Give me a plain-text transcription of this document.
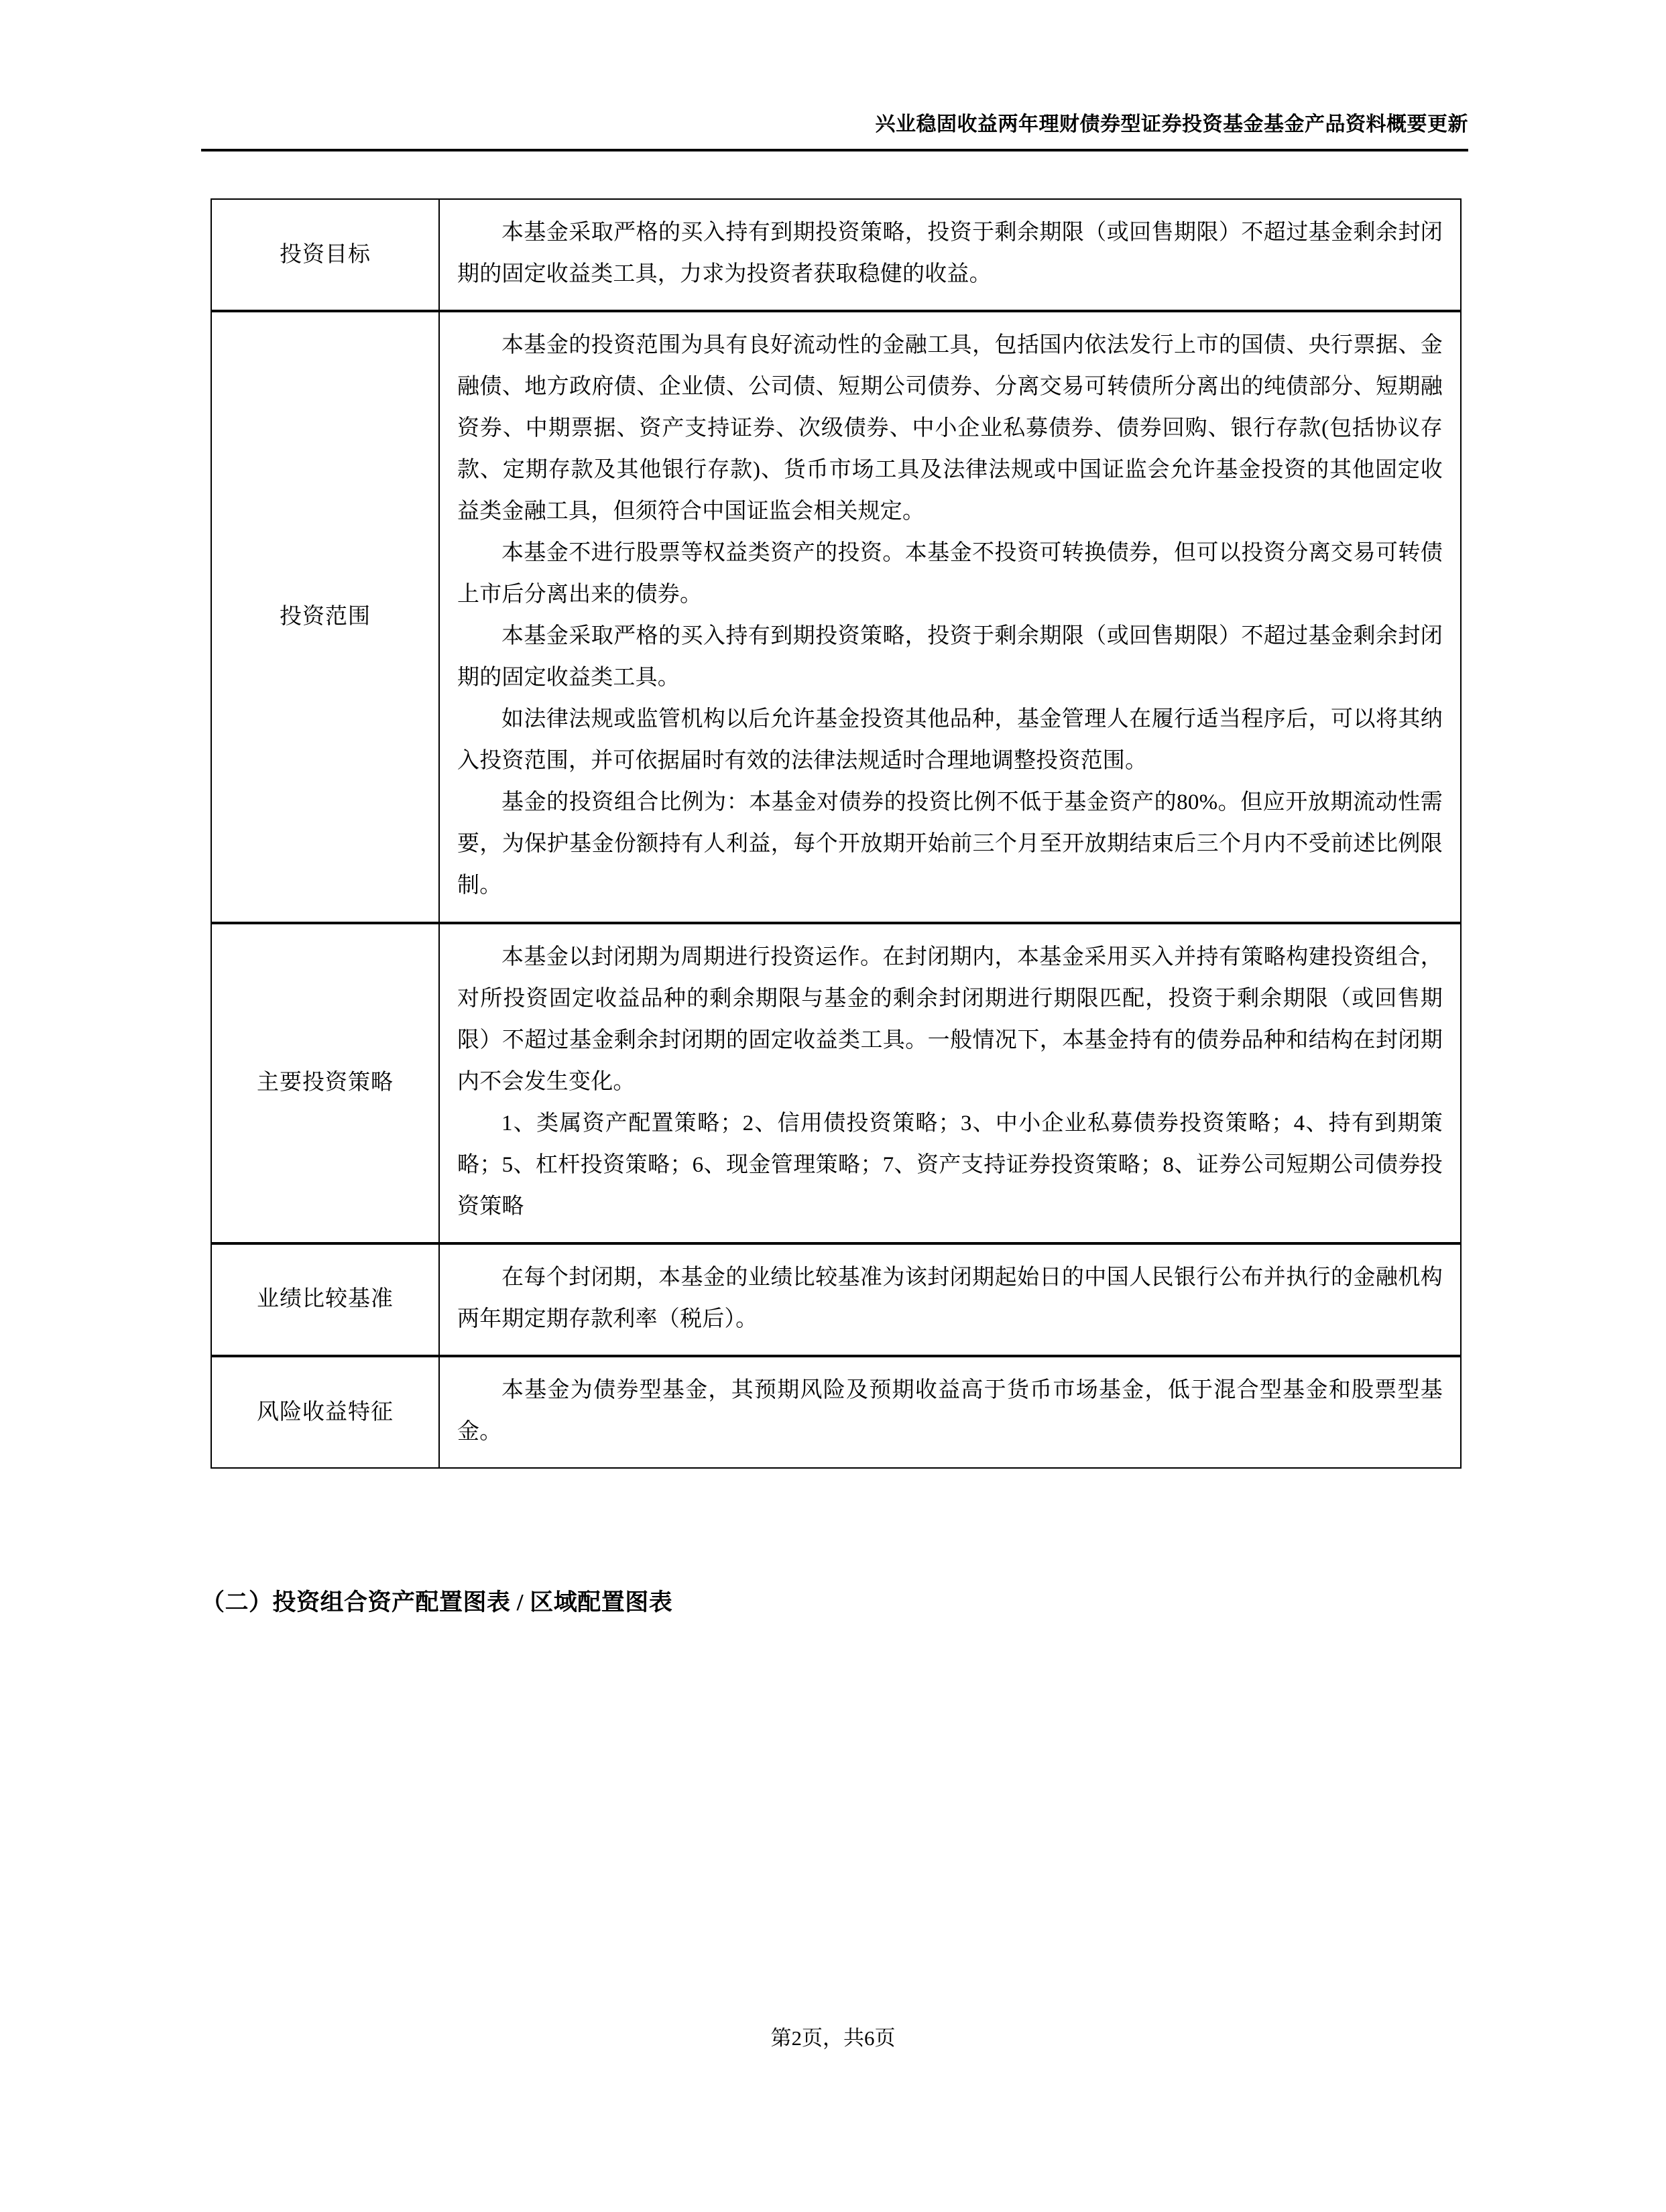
兴业稳固收益两年理财债券型证券投资基金基金产品资料概要更新
投资目标	本基金采取严格的买入持有到期投资策略，投资于剩余期限（或回售期限）不超过基金剩余封闭期的固定收益类工具，力求为投资者获取稳健的收益。

投资范围	本基金的投资范围为具有良好流动性的金融工具，包括国内依法发行上市的国债、央行票据、金融债、地方政府债、企业债、公司债、短期公司债券、分离交易可转债所分离出的纯债部分、短期融资券、中期票据、资产支持证券、次级债券、中小企业私募债券、债券回购、银行存款(包括协议存款、定期存款及其他银行存款)、货币市场工具及法律法规或中国证监会允许基金投资的其他固定收益类金融工具，但须符合中国证监会相关规定。

本基金不进行股票等权益类资产的投资。本基金不投资可转换债券，但可以投资分离交易可转债上市后分离出来的债券。

本基金采取严格的买入持有到期投资策略，投资于剩余期限（或回售期限）不超过基金剩余封闭期的固定收益类工具。

如法律法规或监管机构以后允许基金投资其他品种，基金管理人在履行适当程序后，可以将其纳入投资范围，并可依据届时有效的法律法规适时合理地调整投资范围。

基金的投资组合比例为：本基金对债券的投资比例不低于基金资产的80%。但应开放期流动性需要，为保护基金份额持有人利益，每个开放期开始前三个月至开放期结束后三个月内不受前述比例限制。

主要投资策略	本基金以封闭期为周期进行投资运作。在封闭期内，本基金采用买入并持有策略构建投资组合，对所投资固定收益品种的剩余期限与基金的剩余封闭期进行期限匹配，投资于剩余期限（或回售期限）不超过基金剩余封闭期的固定收益类工具。一般情况下，本基金持有的债券品种和结构在封闭期内不会发生变化。

1、类属资产配置策略；2、信用债投资策略；3、中小企业私募债券投资策略；4、持有到期策略；5、杠杆投资策略；6、现金管理策略；7、资产支持证券投资策略；8、证券公司短期公司债券投资策略

业绩比较基准	在每个封闭期，本基金的业绩比较基准为该封闭期起始日的中国人民银行公布并执行的金融机构两年期定期存款利率（税后）。

风险收益特征	本基金为债券型基金，其预期风险及预期收益高于货币市场基金，低于混合型基金和股票型基金。

（二）投资组合资产配置图表 / 区域配置图表
第2页，共6页
